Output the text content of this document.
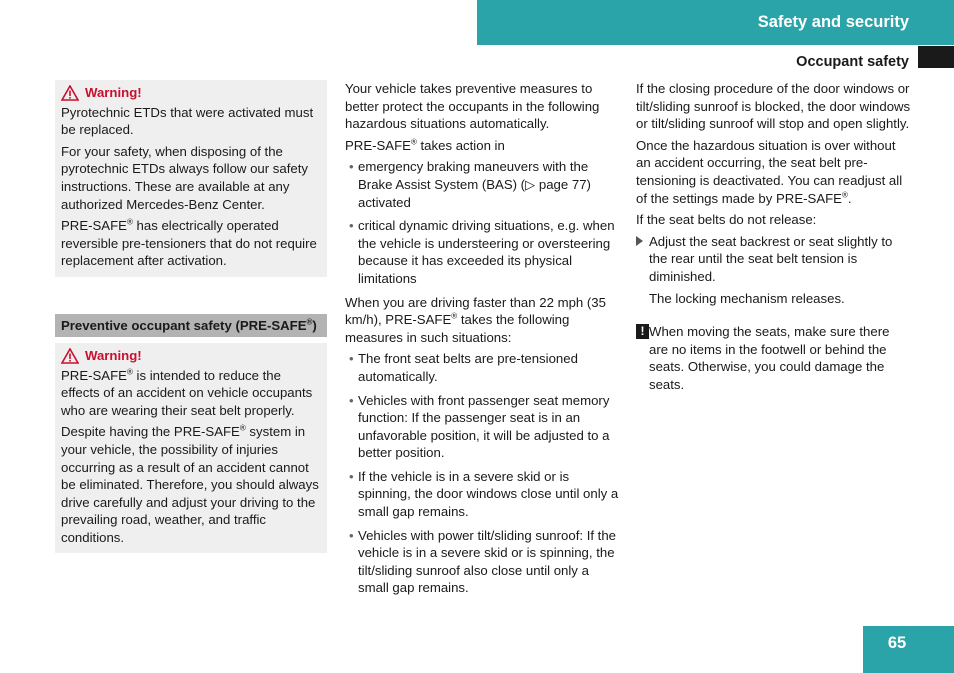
Safety and security
Occupant safety
Warning!

Pyrotechnic ETDs that were activated must be replaced.

For your safety, when disposing of the pyrotechnic ETDs always follow our safety instructions. These are available at any authorized Mercedes-Benz Center.

PRE-SAFE® has electrically operated reversible pre-tensioners that do not require replacement after activation.

Preventive occupant safety (PRE-SAFE®)
Warning!

PRE-SAFE® is intended to reduce the effects of an accident on vehicle occupants who are wearing their seat belt properly.

Despite having the PRE-SAFE® system in your vehicle, the possibility of injuries occurring as a result of an accident cannot be eliminated. Therefore, you should always drive carefully and adjust your driving to the prevailing road, weather, and traffic conditions.

Your vehicle takes preventive measures to better protect the occupants in the following hazardous situations automatically.

PRE-SAFE® takes action in

• emergency braking maneuvers with the Brake Assist System (BAS) (▷ page 77) activated
• critical dynamic driving situations, e.g. when the vehicle is understeering or oversteering because it has exceeded its physical limitations

When you are driving faster than 22 mph (35 km/h), PRE-SAFE® takes the following measures in such situations:

• The front seat belts are pre-tensioned automatically.
• Vehicles with front passenger seat memory function: If the passenger seat is in an unfavorable position, it will be adjusted to a better position.
• If the vehicle is in a severe skid or is spinning, the door windows close until only a small gap remains.
• Vehicles with power tilt/sliding sunroof: If the vehicle is in a severe skid or is spinning, the tilt/sliding sunroof also close until only a small gap remains.

If the closing procedure of the door windows or tilt/sliding sunroof is blocked, the door windows or tilt/sliding sunroof will stop and open slightly.

Once the hazardous situation is over without an accident occurring, the seat belt pre-tensioning is deactivated. You can readjust all of the settings made by PRE-SAFE®.

If the seat belts do not release:

Adjust the seat backrest or seat slightly to the rear until the seat belt tension is diminished.
The locking mechanism releases.
! When moving the seats, make sure there are no items in the footwell or behind the seats. Otherwise, you could damage the seats.
65
